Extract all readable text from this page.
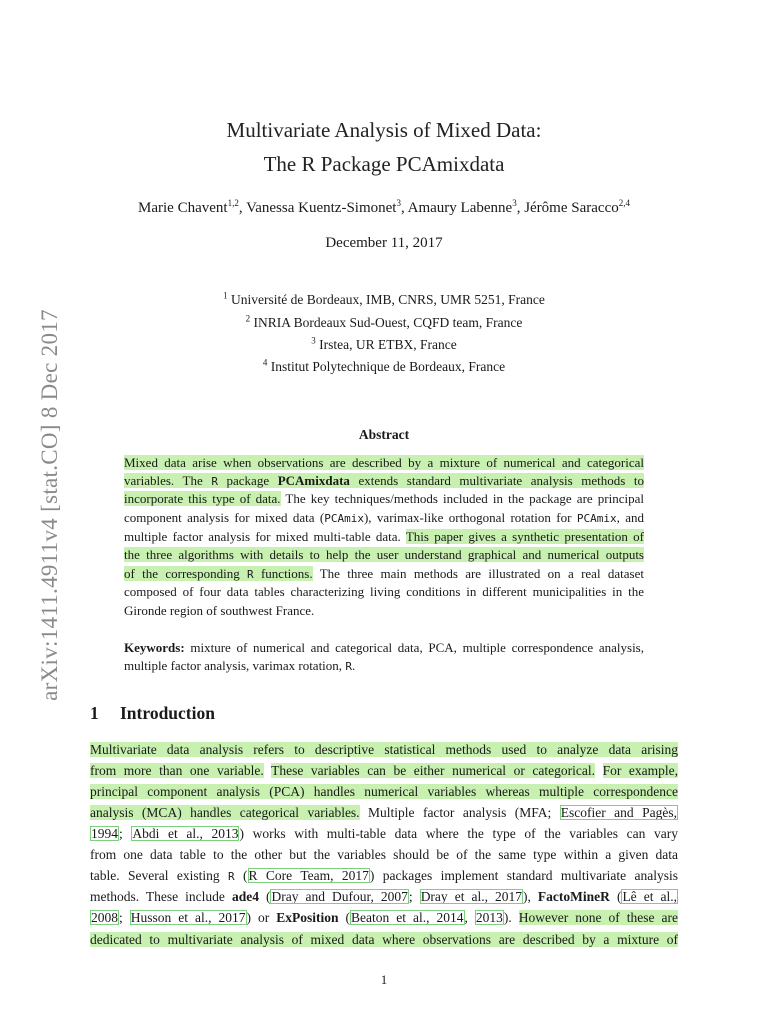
arXiv:1411.4911v4 [stat.CO] 8 Dec 2017
Multivariate Analysis of Mixed Data:
The R Package PCAmixdata
Marie Chavent$^{1,2}$, Vanessa Kuentz-Simonet$^3$, Amaury Labenne$^3$, Jérôme Saracco$^{2,4}$
December 11, 2017
$^1$ Université de Bordeaux, IMB, CNRS, UMR 5251, France
$^2$ INRIA Bordeaux Sud-Ouest, CQFD team, France
$^3$ Irstea, UR ETBX, France
$^4$ Institut Polytechnique de Bordeaux, France
Abstract
Mixed data arise when observations are described by a mixture of numerical and categorical
variables. The R package PCAmixdata extends standard multivariate analysis methods to
incorporate this type of data. The key techniques/methods included in the package are principal
component analysis for mixed data (PCAmix), varimax-like orthogonal rotation for PCAmix, and
multiple factor analysis for mixed multi-table data. This paper gives a synthetic presentation of
the three algorithms with details to help the user understand graphical and numerical outputs
of the corresponding R functions. The three main methods are illustrated on a real dataset
composed of four data tables characterizing living conditions in different municipalities in the
Gironde region of southwest France.
Keywords: mixture of numerical and categorical data, PCA, multiple correspondence analysis,
multiple factor analysis, varimax rotation, R.
1 Introduction
Multivariate data analysis refers to descriptive statistical methods used to analyze data arising
from more than one variable. These variables can be either numerical or categorical. For example,
principal component analysis (PCA) handles numerical variables whereas multiple correspondence
analysis (MCA) handles categorical variables. Multiple factor analysis (MFA; Escofier and Pagès,
1994; Abdi et al., 2013) works with multi-table data where the type of the variables can vary
from one data table to the other but the variables should be of the same type within a given data
table. Several existing R (R Core Team, 2017) packages implement standard multivariate analysis
methods. These include ade4 (Dray and Dufour, 2007; Dray et al., 2017), FactoMineR (Lê et al.,
2008; Husson et al., 2017) or ExPosition (Beaton et al., 2014, 2013). However none of these are
dedicated to multivariate analysis of mixed data where observations are described by a mixture of
1
